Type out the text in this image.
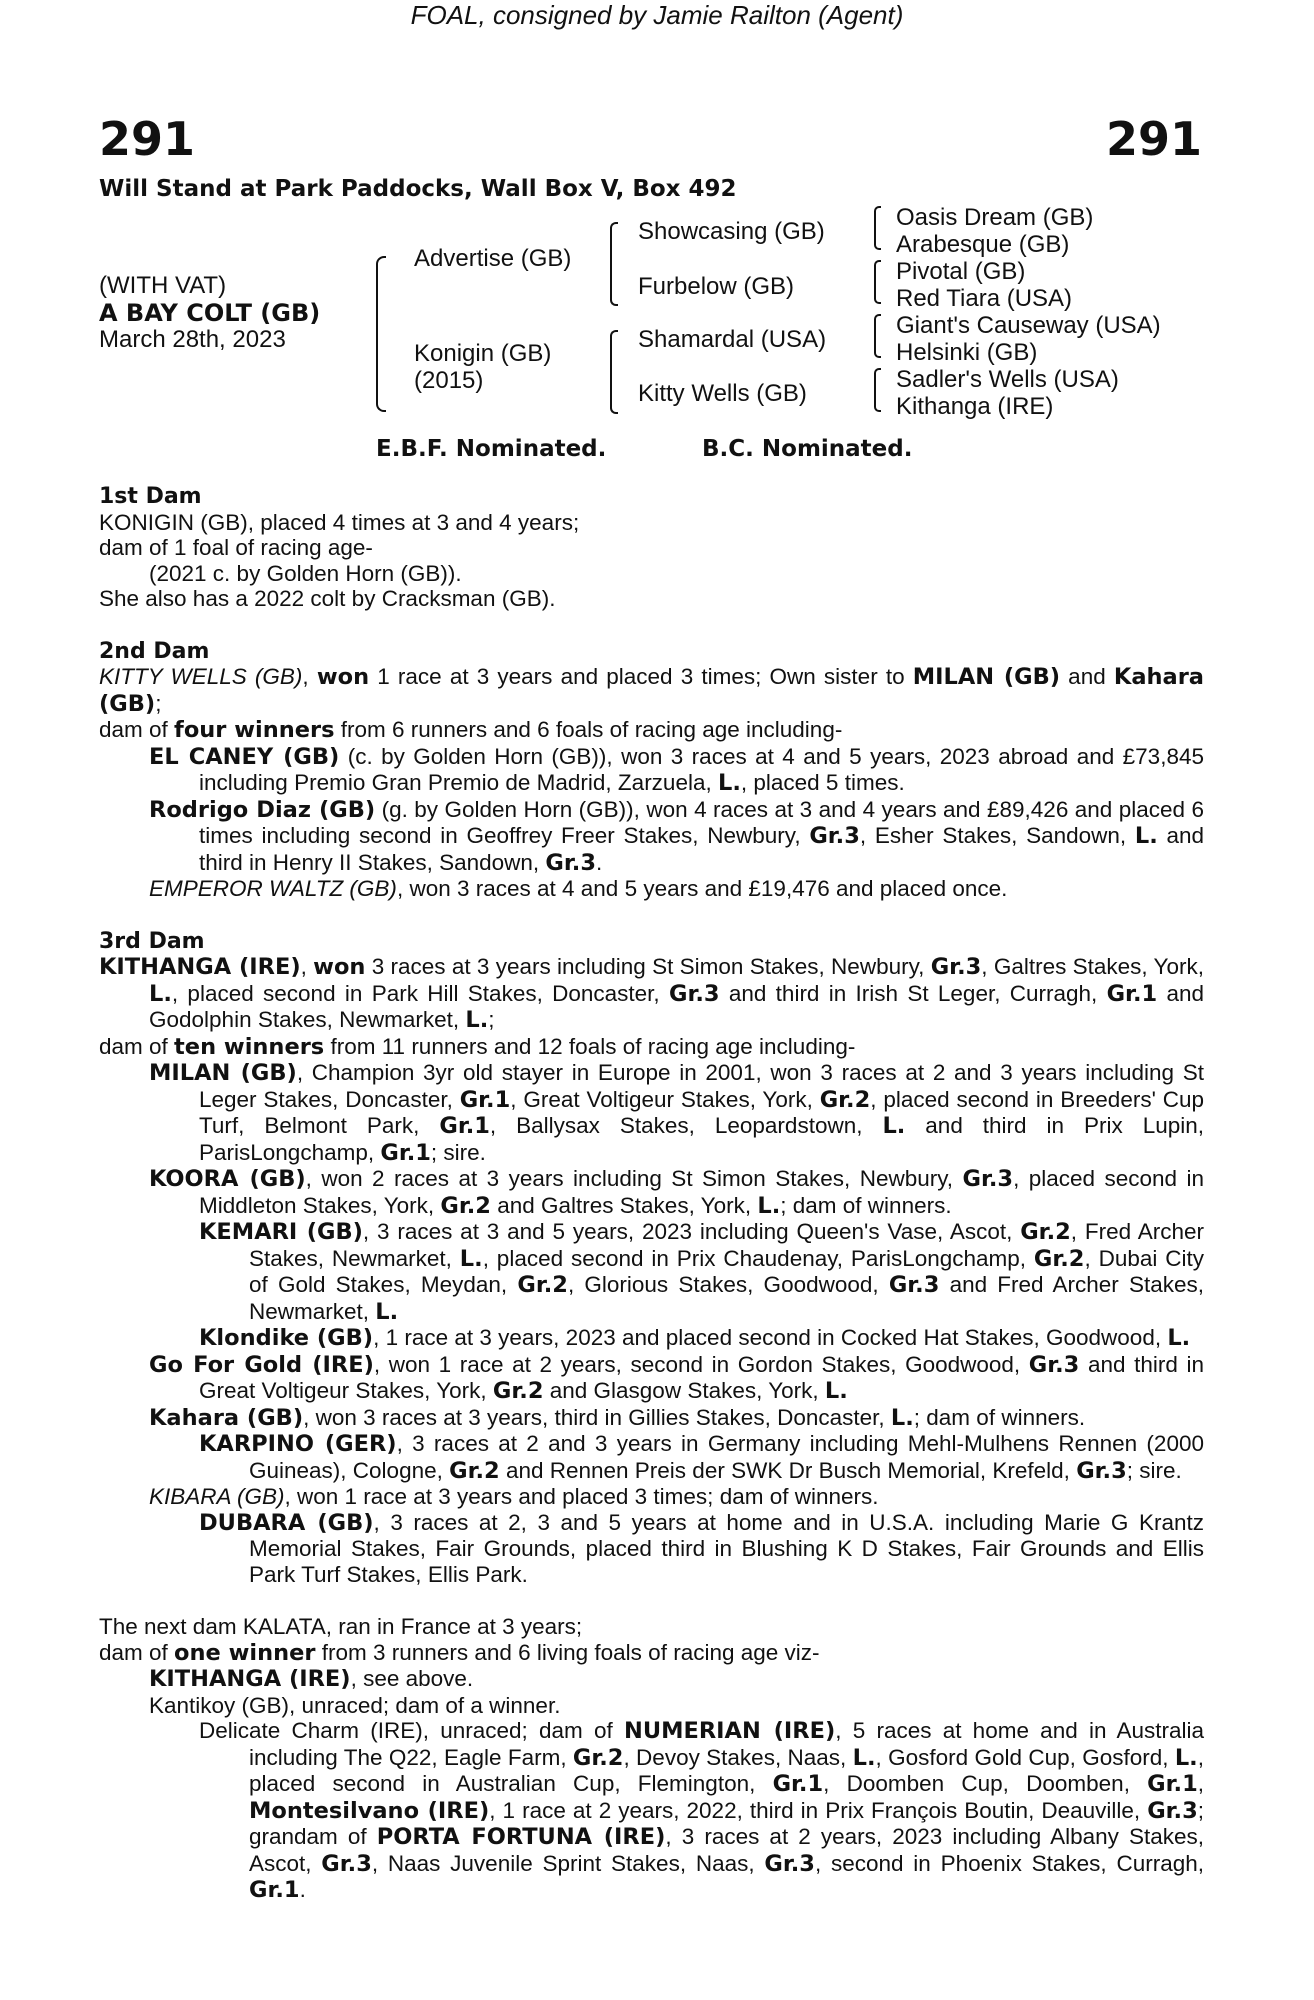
FOAL, consigned by Jamie Railton (Agent)
291	291
Will Stand at Park Paddocks, Wall Box V, Box 492
(WITH VAT)
A BAY COLT (GB)
March 28th, 2023
Advertise (GB)
Konigin (GB)
(2015)
Showcasing (GB)
Furbelow (GB)
Shamardal (USA)
Kitty Wells (GB)
Oasis Dream (GB)
Arabesque (GB)
Pivotal (GB)
Red Tiara (USA)
Giant's Causeway (USA)
Helsinki (GB)
Sadler's Wells (USA)
Kithanga (IRE)
E.B.F. Nominated.	B.C. Nominated.
1st Dam

KONIGIN (GB), placed 4 times at 3 and 4 years;

dam of 1 foal of racing age-

(2021 c. by Golden Horn (GB)).

She also has a 2022 colt by Cracksman (GB).

2nd Dam

KITTY WELLS (GB), won 1 race at 3 years and placed 3 times; Own sister to MILAN (GB) and Kahara (GB);

dam of four winners from 6 runners and 6 foals of racing age including-

EL CANEY (GB) (c. by Golden Horn (GB)), won 3 races at 4 and 5 years, 2023 abroad and £73,845 including Premio Gran Premio de Madrid, Zarzuela, L., placed 5 times.

Rodrigo Diaz (GB) (g. by Golden Horn (GB)), won 4 races at 3 and 4 years and £89,426 and placed 6 times including second in Geoffrey Freer Stakes, Newbury, Gr.3, Esher Stakes, Sandown, L. and third in Henry II Stakes, Sandown, Gr.3.

EMPEROR WALTZ (GB), won 3 races at 4 and 5 years and £19,476 and placed once.

3rd Dam

KITHANGA (IRE), won 3 races at 3 years including St Simon Stakes, Newbury, Gr.3, Galtres Stakes, York, L., placed second in Park Hill Stakes, Doncaster, Gr.3 and third in Irish St Leger, Curragh, Gr.1 and Godolphin Stakes, Newmarket, L.;

dam of ten winners from 11 runners and 12 foals of racing age including-

MILAN (GB), Champion 3yr old stayer in Europe in 2001, won 3 races at 2 and 3 years including St Leger Stakes, Doncaster, Gr.1, Great Voltigeur Stakes, York, Gr.2, placed second in Breeders' Cup Turf, Belmont Park, Gr.1, Ballysax Stakes, Leopardstown, L. and third in Prix Lupin, ParisLongchamp, Gr.1; sire.

KOORA (GB), won 2 races at 3 years including St Simon Stakes, Newbury, Gr.3, placed second in Middleton Stakes, York, Gr.2 and Galtres Stakes, York, L.; dam of winners.

KEMARI (GB), 3 races at 3 and 5 years, 2023 including Queen's Vase, Ascot, Gr.2, Fred Archer Stakes, Newmarket, L., placed second in Prix Chaudenay, ParisLongchamp, Gr.2, Dubai City of Gold Stakes, Meydan, Gr.2, Glorious Stakes, Goodwood, Gr.3 and Fred Archer Stakes, Newmarket, L.

Klondike (GB), 1 race at 3 years, 2023 and placed second in Cocked Hat Stakes, Goodwood, L.

Go For Gold (IRE), won 1 race at 2 years, second in Gordon Stakes, Goodwood, Gr.3 and third in Great Voltigeur Stakes, York, Gr.2 and Glasgow Stakes, York, L.

Kahara (GB), won 3 races at 3 years, third in Gillies Stakes, Doncaster, L.; dam of winners.

KARPINO (GER), 3 races at 2 and 3 years in Germany including Mehl-Mulhens Rennen (2000 Guineas), Cologne, Gr.2 and Rennen Preis der SWK Dr Busch Memorial, Krefeld, Gr.3; sire.

KIBARA (GB), won 1 race at 3 years and placed 3 times; dam of winners.

DUBARA (GB), 3 races at 2, 3 and 5 years at home and in U.S.A. including Marie G Krantz Memorial Stakes, Fair Grounds, placed third in Blushing K D Stakes, Fair Grounds and Ellis Park Turf Stakes, Ellis Park.

The next dam KALATA, ran in France at 3 years;

dam of one winner from 3 runners and 6 living foals of racing age viz-

KITHANGA (IRE), see above.

Kantikoy (GB), unraced; dam of a winner.

Delicate Charm (IRE), unraced; dam of NUMERIAN (IRE), 5 races at home and in Australia including The Q22, Eagle Farm, Gr.2, Devoy Stakes, Naas, L., Gosford Gold Cup, Gosford, L., placed second in Australian Cup, Flemington, Gr.1, Doomben Cup, Doomben, Gr.1, Montesilvano (IRE), 1 race at 2 years, 2022, third in Prix François Boutin, Deauville, Gr.3; grandam of PORTA FORTUNA (IRE), 3 races at 2 years, 2023 including Albany Stakes, Ascot, Gr.3, Naas Juvenile Sprint Stakes, Naas, Gr.3, second in Phoenix Stakes, Curragh, Gr.1.
